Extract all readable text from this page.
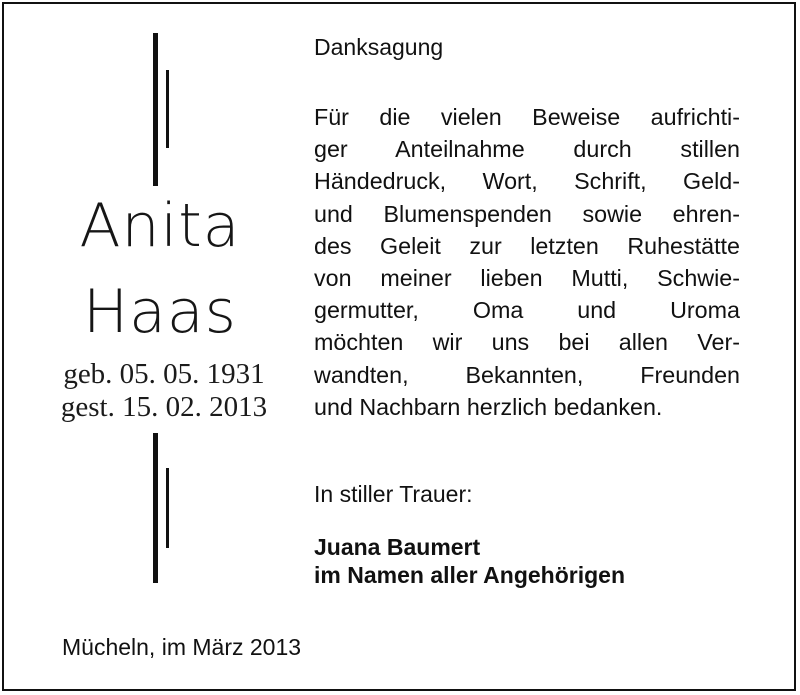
Anita
Haas
geb. 05. 05. 1931
gest. 15. 02. 2013
Danksagung
Für die vielen Beweise aufrichti-
ger Anteilnahme durch stillen
Händedruck, Wort, Schrift, Geld-
und Blumenspenden sowie ehren-
des Geleit zur letzten Ruhestätte
von meiner lieben Mutti, Schwie-
germutter, Oma und Uroma
möchten wir uns bei allen Ver-
wandten, Bekannten, Freunden
und Nachbarn herzlich bedanken.
In stiller Trauer:
Juana Baumert
im Namen aller Angehörigen
Mücheln, im März 2013
